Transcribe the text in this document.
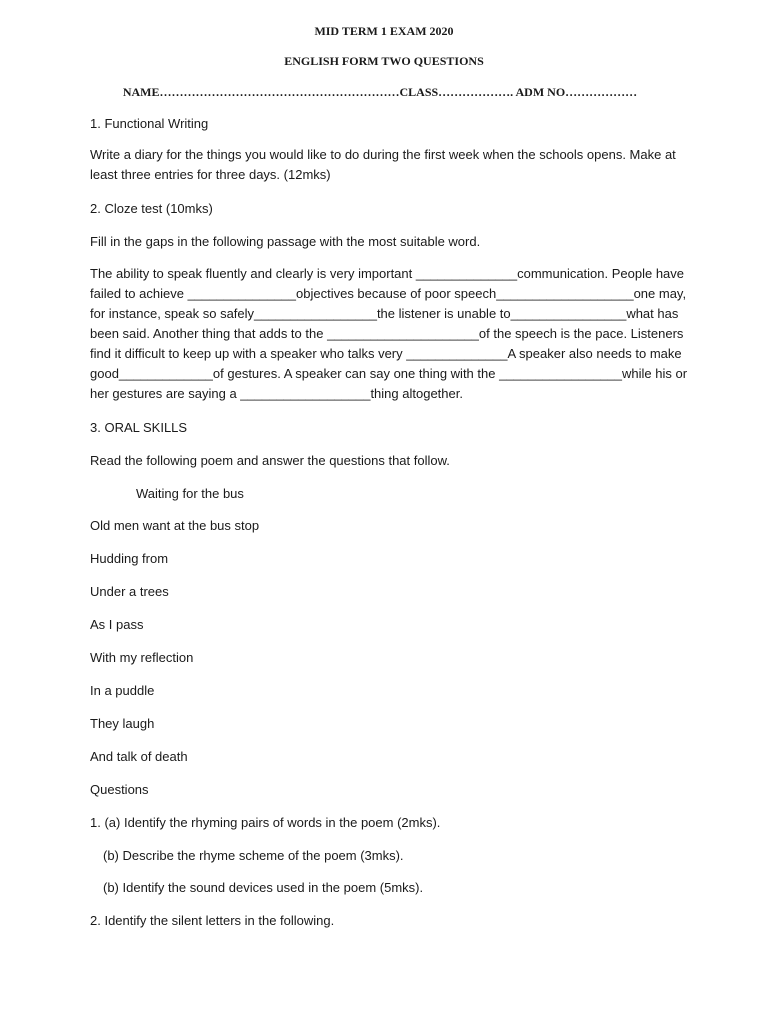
MID TERM 1 EXAM 2020
ENGLISH FORM TWO QUESTIONS
NAME……………………………………………………CLASS………………. ADM NO………………
1. Functional Writing
Write a diary for the things you would like to do during the first week when the schools opens. Make at
least three entries for three days. (12mks)
2. Cloze test (10mks)
Fill in the gaps in the following passage with the most suitable word.
The ability to speak fluently and clearly is very important ______________communication. People have
failed to achieve _______________objectives because of poor speech___________________one may,
for instance, speak so safely_________________the listener is unable to________________what has
been said. Another thing that adds to the _____________________of the speech is the pace. Listeners
find it difficult to keep up with a speaker who talks very ______________A speaker also needs to make
good_____________of gestures. A speaker can say one thing with the _________________while his or
her gestures are saying a __________________thing altogether.
3. ORAL SKILLS
Read the following poem and answer the questions that follow.
Waiting for the bus
Old men want at the bus stop
Hudding from
Under a trees
As I pass
With my reflection
In a puddle
They laugh
And talk of death
Questions
1. (a) Identify the rhyming pairs of words in the poem (2mks).
(b) Describe the rhyme scheme of the poem (3mks).
(b) Identify the sound devices used in the poem (5mks).
2. Identify the silent letters in the following.
